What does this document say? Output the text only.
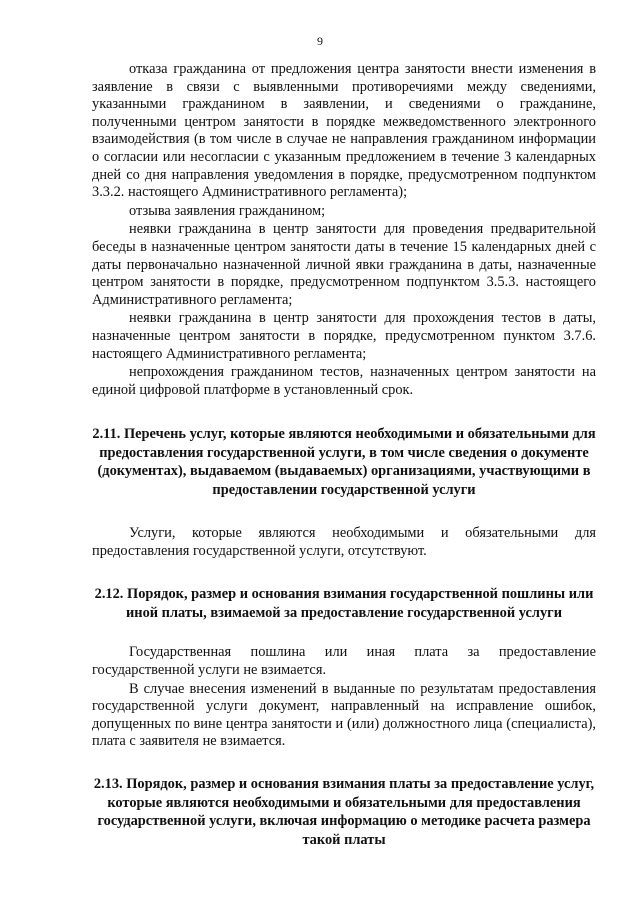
9

отказа гражданина от предложения центра занятости внести изменения в заявление в связи с выявленными противоречиями между сведениями, указанными гражданином в заявлении, и сведениями о гражданине, полученными центром занятости в порядке межведомственного электронного взаимодействия (в том числе в случае не направления гражданином информации о согласии или несогласии с указанным предложением в течение 3 календарных дней со дня направления уведомления в порядке, предусмотренном подпунктом 3.3.2. настоящего Административного регламента);

отзыва заявления гражданином;

неявки гражданина в центр занятости для проведения предварительной беседы в назначенные центром занятости даты в течение 15 календарных дней с даты первоначально назначенной личной явки гражданина в даты, назначенные центром занятости в порядке, предусмотренном подпунктом 3.5.3. настоящего Административного регламента;

неявки гражданина в центр занятости для прохождения тестов в даты, назначенные центром занятости в порядке, предусмотренном пунктом 3.7.6. настоящего Административного регламента;

непрохождения гражданином тестов, назначенных центром занятости на единой цифровой платформе в установленный срок.

2.11. Перечень услуг, которые являются необходимыми и обязательными для предоставления государственной услуги, в том числе сведения о документе (документах), выдаваемом (выдаваемых) организациями, участвующими в предоставлении государственной услуги

Услуги, которые являются необходимыми и обязательными для предоставления государственной услуги, отсутствуют.

2.12. Порядок, размер и основания взимания государственной пошлины или иной платы, взимаемой за предоставление государственной услуги

Государственная пошлина или иная плата за предоставление государственной услуги не взимается.

В случае внесения изменений в выданные по результатам предоставления государственной услуги документ, направленный на исправление ошибок, допущенных по вине центра занятости и (или) должностного лица (специалиста), плата с заявителя не взимается.

2.13. Порядок, размер и основания взимания платы за предоставление услуг, которые являются необходимыми и обязательными для предоставления государственной услуги, включая информацию о методике расчета размера такой платы
